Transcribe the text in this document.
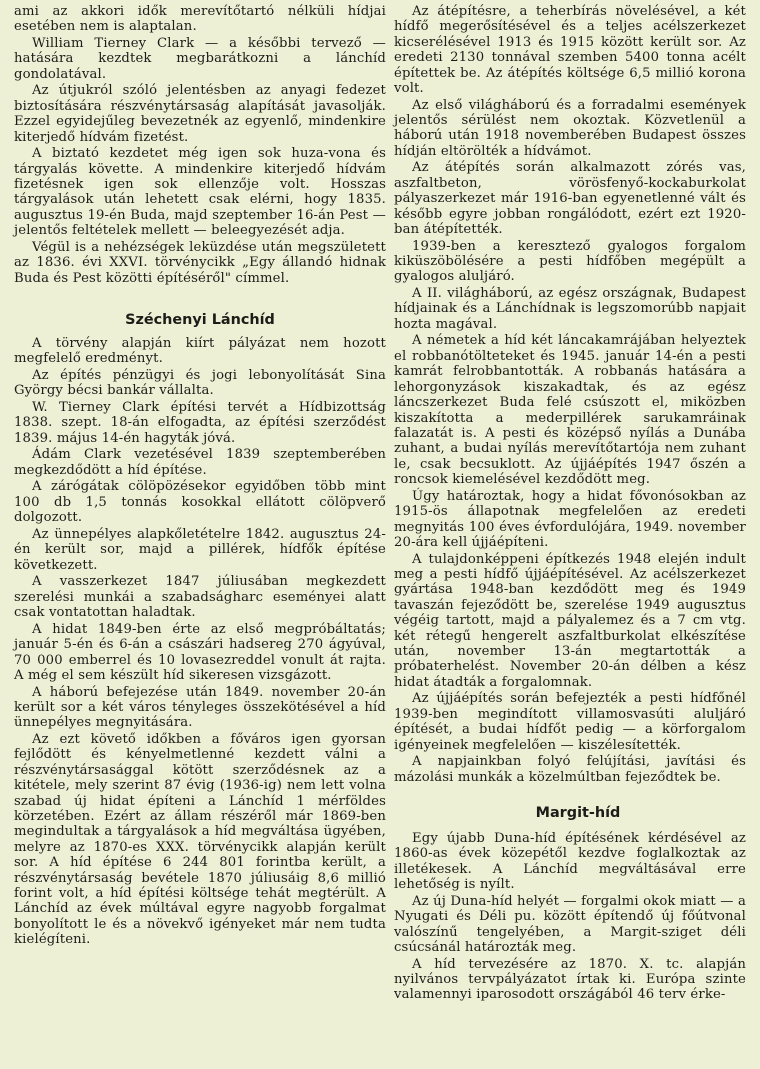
ami az akkori idők merevítőtartó nélküli hídjai esetében nem is alaptalan.

William Tierney Clark — a későbbi tervező — hatására kezdtek megbarátkozni a lánchíd gondolatával.

Az útjukról szóló jelentésben az anyagi fedezet biztosítására részvénytársaság alapítását javasolják. Ezzel egyidejűleg bevezetnék az egyenlő, mindenkire kiterjedő hídvám fizetést.

A biztató kezdetet még igen sok huza-vona és tárgyalás követte. A mindenkire kiterjedő hídvám fizetésnek igen sok ellenzője volt. Hosszas tárgyalások után lehetett csak elérni, hogy 1835. augusztus 19-én Buda, majd szeptember 16-án Pest — jelentős feltételek mellett — beleegyezését adja.

Végül is a nehézségek leküzdése után megszületett az 1836. évi XXVI. törvénycikk „Egy állandó hidnak Buda és Pest közötti építéséről" címmel.

Széchenyi Lánchíd

A törvény alapján kiírt pályázat nem hozott megfelelő eredményt.

Az építés pénzügyi és jogi lebonyolítását Sina György bécsi bankár vállalta.

W. Tierney Clark építési tervét a Hídbizottság 1838. szept. 18-án elfogadta, az építési szerződést 1839. május 14-én hagyták jóvá.

Ádám Clark vezetésével 1839 szeptemberében megkezdődött a híd építése.

A zárógátak cölöpözésekor egyidőben több mint 100 db 1,5 tonnás kosokkal ellátott cölöpverő dolgozott.

Az ünnepélyes alapkőletételre 1842. augusztus 24-én került sor, majd a pillérek, hídfők építése következett.

A vasszerkezet 1847 júliusában megkezdett szerelési munkái a szabadságharc eseményei alatt csak vontatottan haladtak.

A hidat 1849-ben érte az első megpróbáltatás; január 5-én és 6-án a császári hadsereg 270 ágyúval, 70 000 emberrel és 10 lovasezreddel vonult át rajta. A még el sem készült híd sikeresen vizsgázott.

A háború befejezése után 1849. november 20-án került sor a két város tényleges összekötésével a híd ünnepélyes megnyitására.

Az ezt követő időkben a főváros igen gyorsan fejlődött és kényelmetlenné kezdett válni a részvénytársasággal kötött szerződésnek az a kitétele, mely szerint 87 évig (1936-ig) nem lett volna szabad új hidat építeni a Lánchíd 1 mérföldes körzetében. Ezért az állam részéről már 1869-ben megindultak a tárgyalások a híd megváltása ügyében, melyre az 1870-es XXX. törvénycikk alapján került sor. A híd építése 6 244 801 forintba került, a részvénytársaság bevétele 1870 júliusáig 8,6 millió forint volt, a híd építési költsége tehát megtérült. A Lánchíd az évek múltával egyre nagyobb forgalmat bonyolított le és a növekvő igényeket már nem tudta kielégíteni.

Az átépítésre, a teherbírás növelésével, a két hídfő megerősítésével és a teljes acélszerkezet kicserélésével 1913 és 1915 között került sor. Az eredeti 2130 tonnával szemben 5400 tonna acélt építettek be. Az átépítés költsége 6,5 millió korona volt.

Az első világháború és a forradalmi események jelentős sérülést nem okoztak. Közvetlenül a háború után 1918 novemberében Budapest összes hídján eltörölték a hídvámot.

Az átépítés során alkalmazott zórés vas, aszfaltbeton, vörösfenyő-kockaburkolat pályaszerkezet már 1916-ban egyenetlenné vált és később egyre jobban rongálódott, ezért ezt 1920-ban átépítették.

1939-ben a keresztező gyalogos forgalom kiküszöbölésére a pesti hídfőben megépült a gyalogos aluljáró.

A II. világháború, az egész országnak, Budapest hídjainak és a Lánchídnak is legszomorúbb napjait hozta magával.

A németek a híd két láncakamrájában helyeztek el robbanótölteteket és 1945. január 14-én a pesti kamrát felrobbantották. A robbanás hatására a lehorgonyzások kiszakadtak, és az egész láncszerkezet Buda felé csúszott el, miközben kiszakította a mederpillérek sarukamráinak falazatát is. A pesti és középső nyílás a Dunába zuhant, a budai nyílás merevítőtartója nem zuhant le, csak becsuklott. Az újjáépítés 1947 őszén a roncsok kiemelésével kezdődött meg.

Úgy határoztak, hogy a hidat fővonósokban az 1915-ös állapotnak megfelelően az eredeti megnyitás 100 éves évfordulójára, 1949. november 20-ára kell újjáépíteni.

A tulajdonképpeni építkezés 1948 elején indult meg a pesti hídfő újjáépítésével. Az acélszerkezet gyártása 1948-ban kezdődött meg és 1949 tavaszán fejeződött be, szerelése 1949 augusztus végéig tartott, majd a pályalemez és a 7 cm vtg. két rétegű hengerelt aszfaltburkolat elkészítése után, november 13-án megtartották a próbaterhelést. November 20-án délben a kész hidat átadták a forgalomnak.

Az újjáépítés során befejezték a pesti hídfőnél 1939-ben megindított villamosvasúti aluljáró építését, a budai hídfőt pedig — a körforgalom igényeinek megfelelően — kiszélesítették.

A napjainkban folyó felújítási, javítási és mázolási munkák a közelmúltban fejeződtek be.

Margit-híd

Egy újabb Duna-híd építésének kérdésével az 1860-as évek közepétől kezdve foglalkoztak az illetékesek. A Lánchíd megváltásával erre lehetőség is nyílt.

Az új Duna-híd helyét — forgalmi okok miatt — a Nyugati és Déli pu. között építendő új főútvonal valószínű tengelyében, a Margit-sziget déli csúcsánál határozták meg.

A híd tervezésére az 1870. X. tc. alapján nyilvános tervpályázatot írtak ki. Európa szinte valamennyi iparosodott országából 46 terv érke-
